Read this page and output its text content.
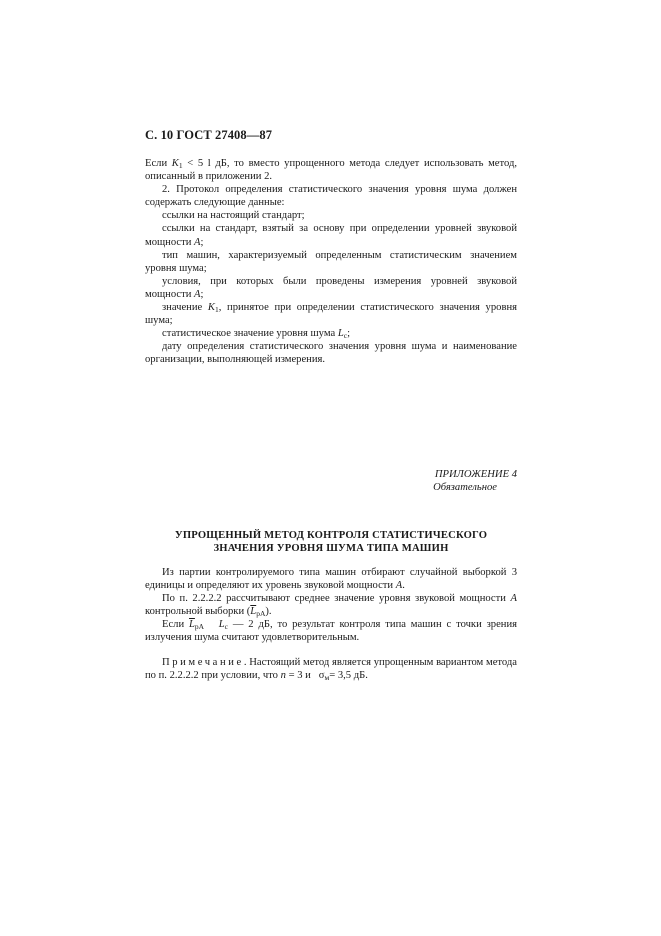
С. 10 ГОСТ 27408—87

Если $K_1 < 5$ l дБ, то вместо упрощенного метода следует использовать метод, описанный в приложении 2.

2. Протокол определения статистического значения уровня шума должен содержать следующие данные:

ссылки на настоящий стандарт;

ссылки на стандарт, взятый за основу при определении уровней звуковой мощности А;

тип машин, характеризуемый определенным статистическим значением уровня шума;

условия, при которых были проведены измерения уровней звуковой мощности А;

значение $K_1$, принятое при определении статистического значения уровня шума;

статистическое значение уровня шума $L_c$;

дату определения статистического значения уровня шума и наименование организации, выполняющей измерения.

ПРИЛОЖЕНИЕ 4
Обязательное
УПРОЩЕННЫЙ МЕТОД КОНТРОЛЯ СТАТИСТИЧЕСКОГО
ЗНАЧЕНИЯ УРОВНЯ ШУМА ТИПА МАШИН

Из партии контролируемого типа машин отбирают случайной выборкой 3 единицы и определяют их уровень звуковой мощности А.

По п. 2.2.2.2 рассчитывают среднее значение уровня звуковой мощности А контрольной выборки $(\overline{L}_{pA})$.

Если $\overline{L}_{pA}$ $L_c$ — 2 дБ, то результат контроля типа машин с точки зрения излучения шума считают удовлетворительным.

Примечание. Настоящий метод является упрощенным вариантом метода по п. 2.2.2.2 при условии, что n = 3 и   $\sigma_м= 3,5$ дБ.
